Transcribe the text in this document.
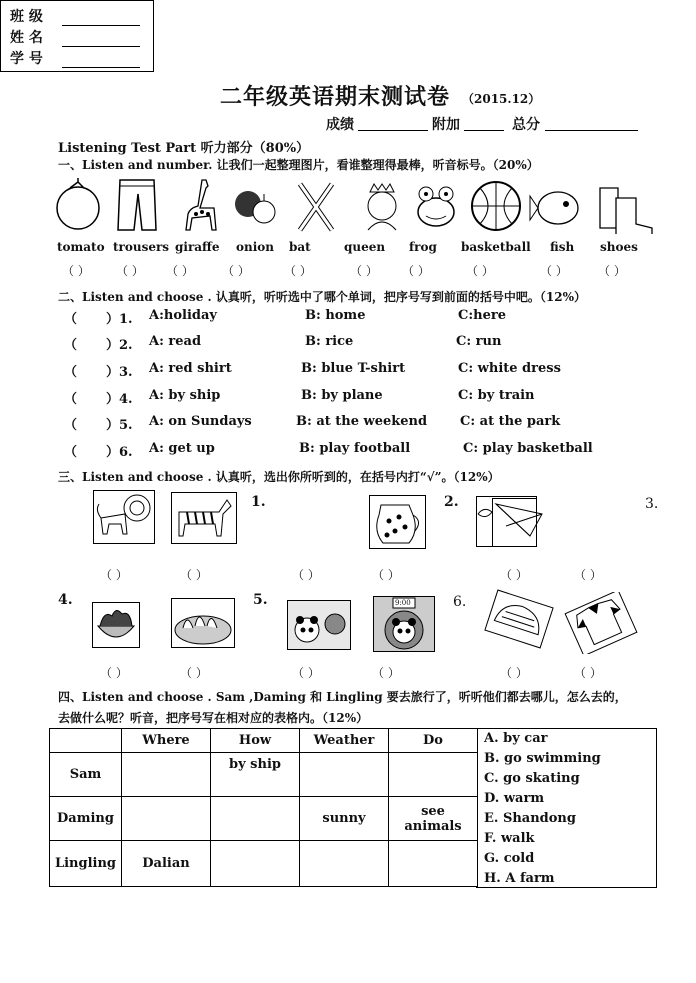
班 级
姓 名
学 号
二年级英语期末测试卷 （2015.12）
成绩	附加	总分
Listening Test Part 听力部分（80%）
一、Listen and number. 让我们一起整理图片，看谁整理得最棒，听音标号。（20%）
tomato trousers giraffe onion bat	queen frog basketball fish shoes
（ ） （ ） （ ） （ ）	（ ）	（ ） （ ）	（ ）	（ ）	（ ）
二、Listen and choose . 认真听，听听选中了哪个单词，把序号写到前面的括号中吧。（12%）
（ ）1. A:holiday	B: home	C:here
（ ）2. A: read	B: rice	C: run
（ ）3. A: red shirt	B: blue T-shirt	C: white dress
（ ）4. A: by ship	B: by plane	C: by train
（ ）5. A: on Sundays	B: at the weekend	C: at the park
（ ）6. A: get up	B: play football	C: play basketball
三、Listen and choose . 认真听，选出你所听到的，在括号内打“√”。（12%）
1.	2.	3.
（ ）	（ ）	（ ）	（ ）	（ ）	（ ）
4.	5.	9:00	6.
（ ）	（ ）	（ ）	（ ）	（ ）	（ ）
四、Listen and choose . Sam ,Daming 和 Lingling 要去旅行了，听听他们都去哪儿，怎么去的，
去做什么呢？听音，把序号写在相对应的表格内。（12%）
	Where	How	Weather	Do
Sam		by ship		
Daming			sunny	see animals
Lingling	Dalian			
A. by car
B. go swimming
C. go skating
D. warm
E. Shandong
F. walk
G. cold
H. A farm
